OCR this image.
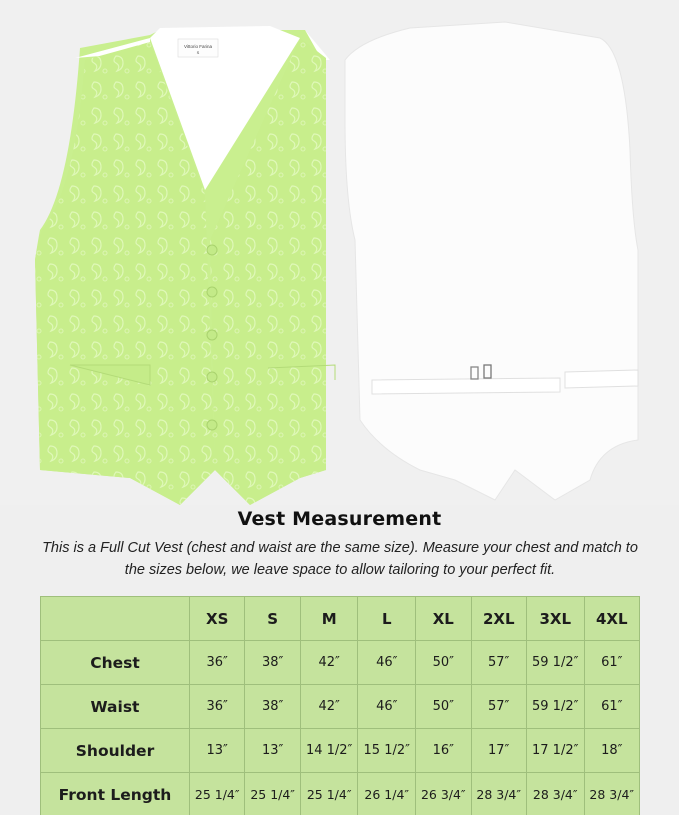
Vittorio Farina
S
Vest Measurement
This is a Full Cut Vest (chest and waist are the same size). Measure your chest and match to the sizes below, we leave space to allow tailoring to your perfect fit.
	XS	S	M	L	XL	2XL	3XL	4XL
Chest	36″	38″	42″	46″	50″	57″	59 1/2″	61″
Waist	36″	38″	42″	46″	50″	57″	59 1/2″	61″
Shoulder	13″	13″	14 1/2″	15 1/2″	16″	17″	17 1/2″	18″
Front Length	25 1/4″	25 1/4″	25 1/4″	26 1/4″	26 3/4″	28 3/4″	28 3/4″	28 3/4″
